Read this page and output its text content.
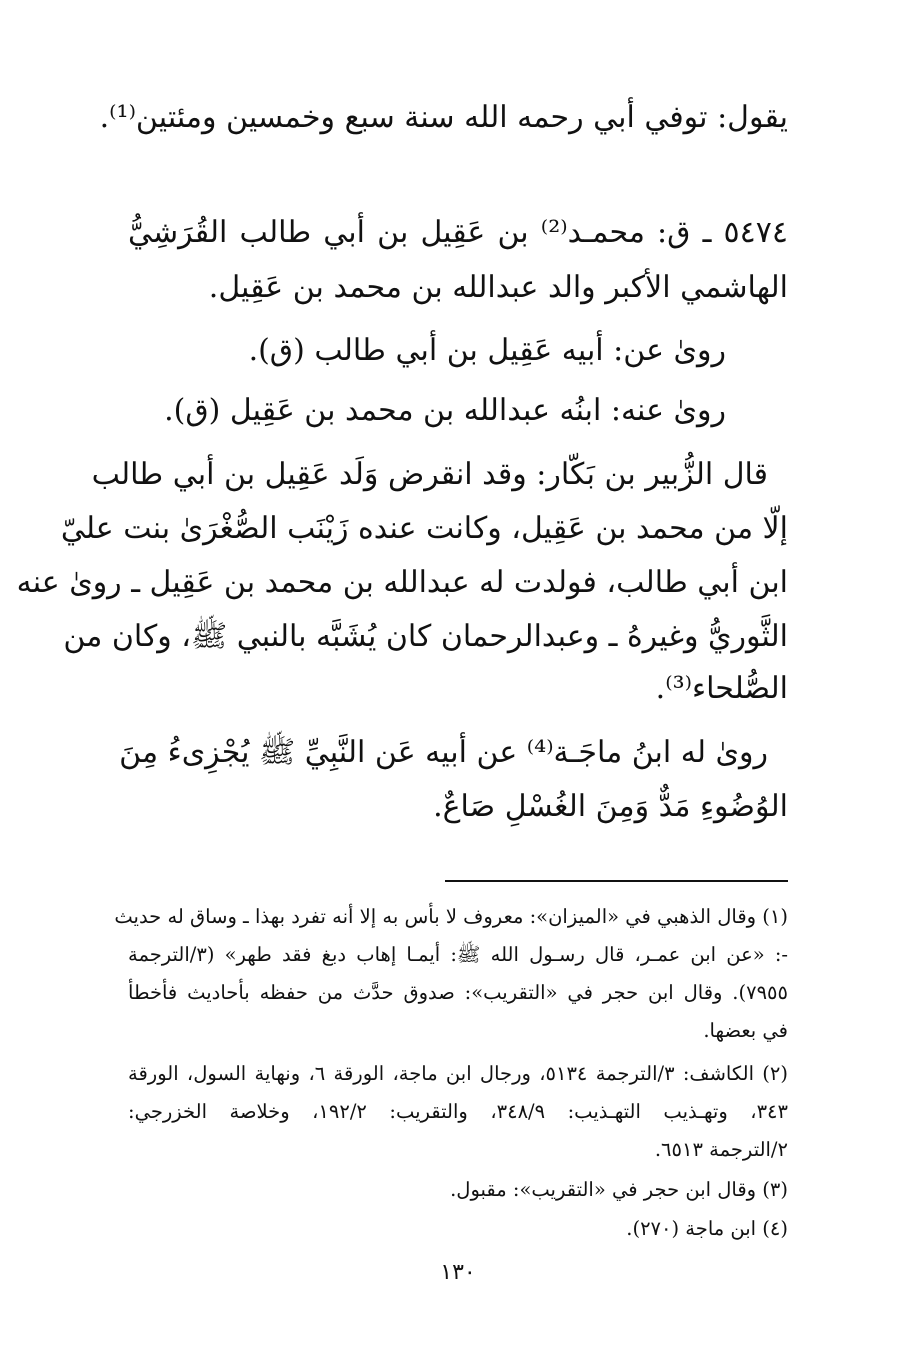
يقول: توفي أبي رحمه الله سنة سبع وخمسين ومئتين⁽¹⁾.
٥٤٧٤ ـ ق: محمـد⁽²⁾ بن عَقِيل بن أبي طالب القُرَشِيُّ
الهاشمي الأكبر والد عبدالله بن محمد بن عَقِيل.
روىٰ عن: أبيه عَقِيل بن أبي طالب (ق).
روىٰ عنه: ابنُه عبدالله بن محمد بن عَقِيل (ق).
قال الزُّبير بن بَكّار: وقد انقرض وَلَد عَقِيل بن أبي طالب
إلّا من محمد بن عَقِيل، وكانت عنده زَيْنَب الصُّغْرَىٰ بنت عليّ
ابن أبي طالب، فولدت له عبدالله بن محمد بن عَقِيل ـ روىٰ عنه
الثَّوريُّ وغيرهُ ـ وعبدالرحمان كان يُشَبَّه بالنبي ﷺ، وكان من
الصُّلحاء⁽³⁾.
روىٰ له ابنُ ماجَـة⁽⁴⁾ عن أبيه عَن النَّبِيِّ ﷺ يُجْزِىءُ مِنَ
الوُضُوءِ مَدٌّ وَمِنَ الغُسْلِ صَاعٌ.
(١) وقال الذهبي في «الميزان»: معروف لا بأس به إلا أنه تفرد بهذا ـ وساق له حديث
-: «عن ابن عمـر، قال رسـول الله ﷺ: أيمـا إهاب دبغ فقد طهر» (٣/الترجمة
٧٩٥٥). وقال ابن حجر في «التقريب»: صدوق حدَّث من حفظه بأحاديث فأخطأ
في بعضها.
(٢) الكاشف: ٣/الترجمة ٥١٣٤، ورجال ابن ماجة، الورقة ٦، ونهاية السول، الورقة
٣٤٣، وتهـذيب التهـذيب: ٣٤٨/٩، والتقريب: ١٩٢/٢، وخلاصة الخزرجي:
٢/الترجمة ٦٥١٣.
(٣) وقال ابن حجر في «التقريب»: مقبول.
(٤) ابن ماجة (٢٧٠).
١٣٠
